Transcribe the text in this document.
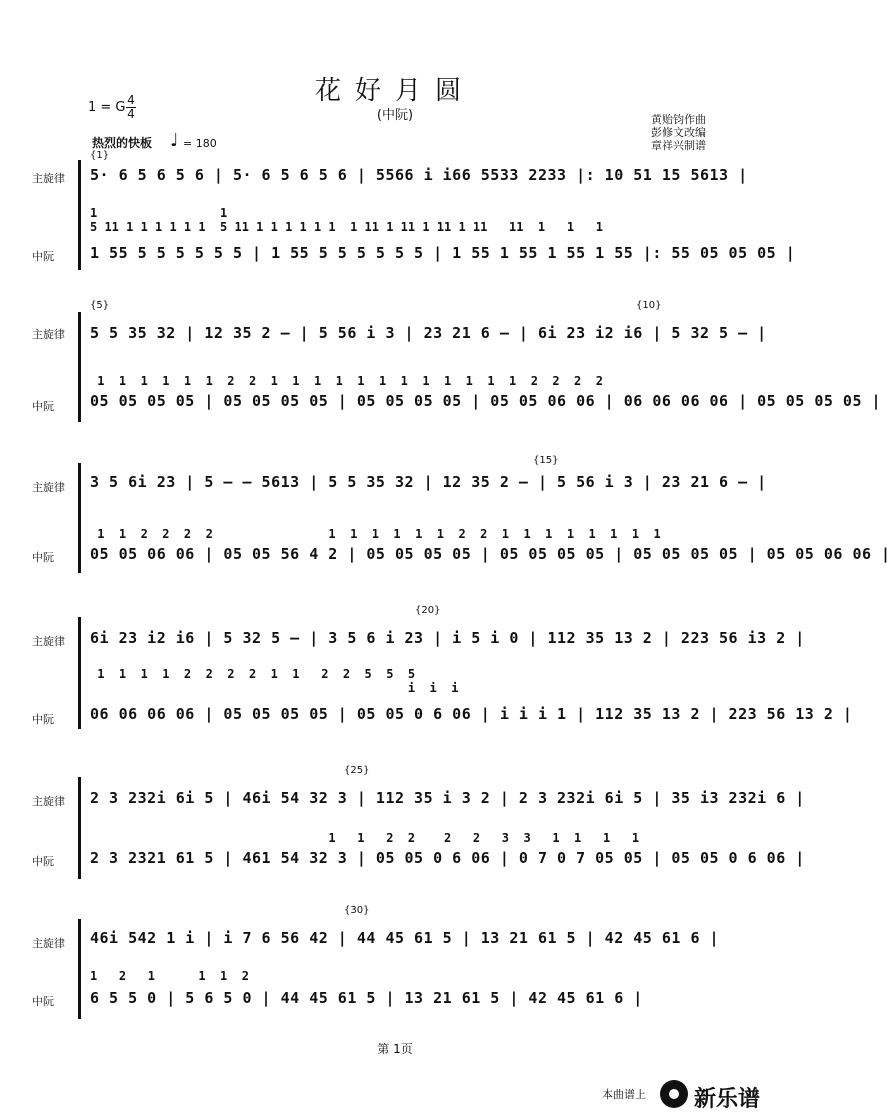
花好月圆
(中阮)
1 = G 4
4
热烈的快板 ♩ = 180
黄贻钧作曲
彭修文改编
章祥兴制谱
{1}
主旋律 5· 6 5 6 5 6 | 5· 6 5 6 5 6 | 5566 i i66 5533 2233 |: 10 51 15 5613 |
1                 1
5 11 1 1 1 1 1 1  5 11 1 1 1 1 1 1  1 11 1 11 1 11 1 11   11  1   1   1
中阮 1 55 5 5 5 5 5 5 | 1 55 5 5 5 5 5 5 | 1 55 1 55 1 55 1 55 |: 55 05 05 05 |
{5}	{10}
主旋律 5 5 35 32 | 12 35 2 – | 5 56 i 3 | 23 21 6 – | 6i 23 i2 i6 | 5 32 5 – |
1  1  1  1  1  1  2  2  1  1  1  1  1  1  1  1  1  1  1  1  2  2  2  2
中阮 05 05 05 05 | 05 05 05 05 | 05 05 05 05 | 05 05 06 06 | 06 06 06 06 | 05 05 05 05 |
{15}
主旋律 3 5 6i 23 | 5 – – 5613 | 5 5 35 32 | 12 35 2 – | 5 56 i 3 | 23 21 6 – |
1  1  2  2  2  2                1  1  1  1  1  1  2  2  1  1  1  1  1  1  1  1
中阮 05 05 06 06 | 05 05 56 4 2 | 05 05 05 05 | 05 05 05 05 | 05 05 05 05 | 05 05 06 06 |
{20}
主旋律 6i 23 i2 i6 | 5 32 5 – | 3 5 6 i 23 | i 5 i 0 | 112 35 13 2 | 223 56 i3 2 |
1  1  1  1  2  2  2  2  1  1   2  2  5  5  5
i  i  i
中阮 06 06 06 06 | 05 05 05 05 | 05 05 0 6 06 | i i i 1 | 112 35 13 2 | 223 56 13 2 |
{25}
主旋律 2 3 232i 6i 5 | 46i 54 32 3 | 112 35 i 3 2 | 2 3 232i 6i 5 | 35 i3 232i 6 |
1   1   2  2    2   2   3  3   1  1   1   1
中阮 2 3 2321 61 5 | 461 54 32 3 | 05 05 0 6 06 | 0 7 0 7 05 05 | 05 05 0 6 06 |
{30}
主旋律 46i 542 1 i | i 7 6 56 42 | 44 45 61 5 | 13 21 61 5 | 42 45 61 6 |
1   2   1      1  1  2
中阮 6 5 5 0 | 5 6 5 0 | 44 45 61 5 | 13 21 61 5 | 42 45 61 6 |
第 1页
本曲谱上 新乐谱
